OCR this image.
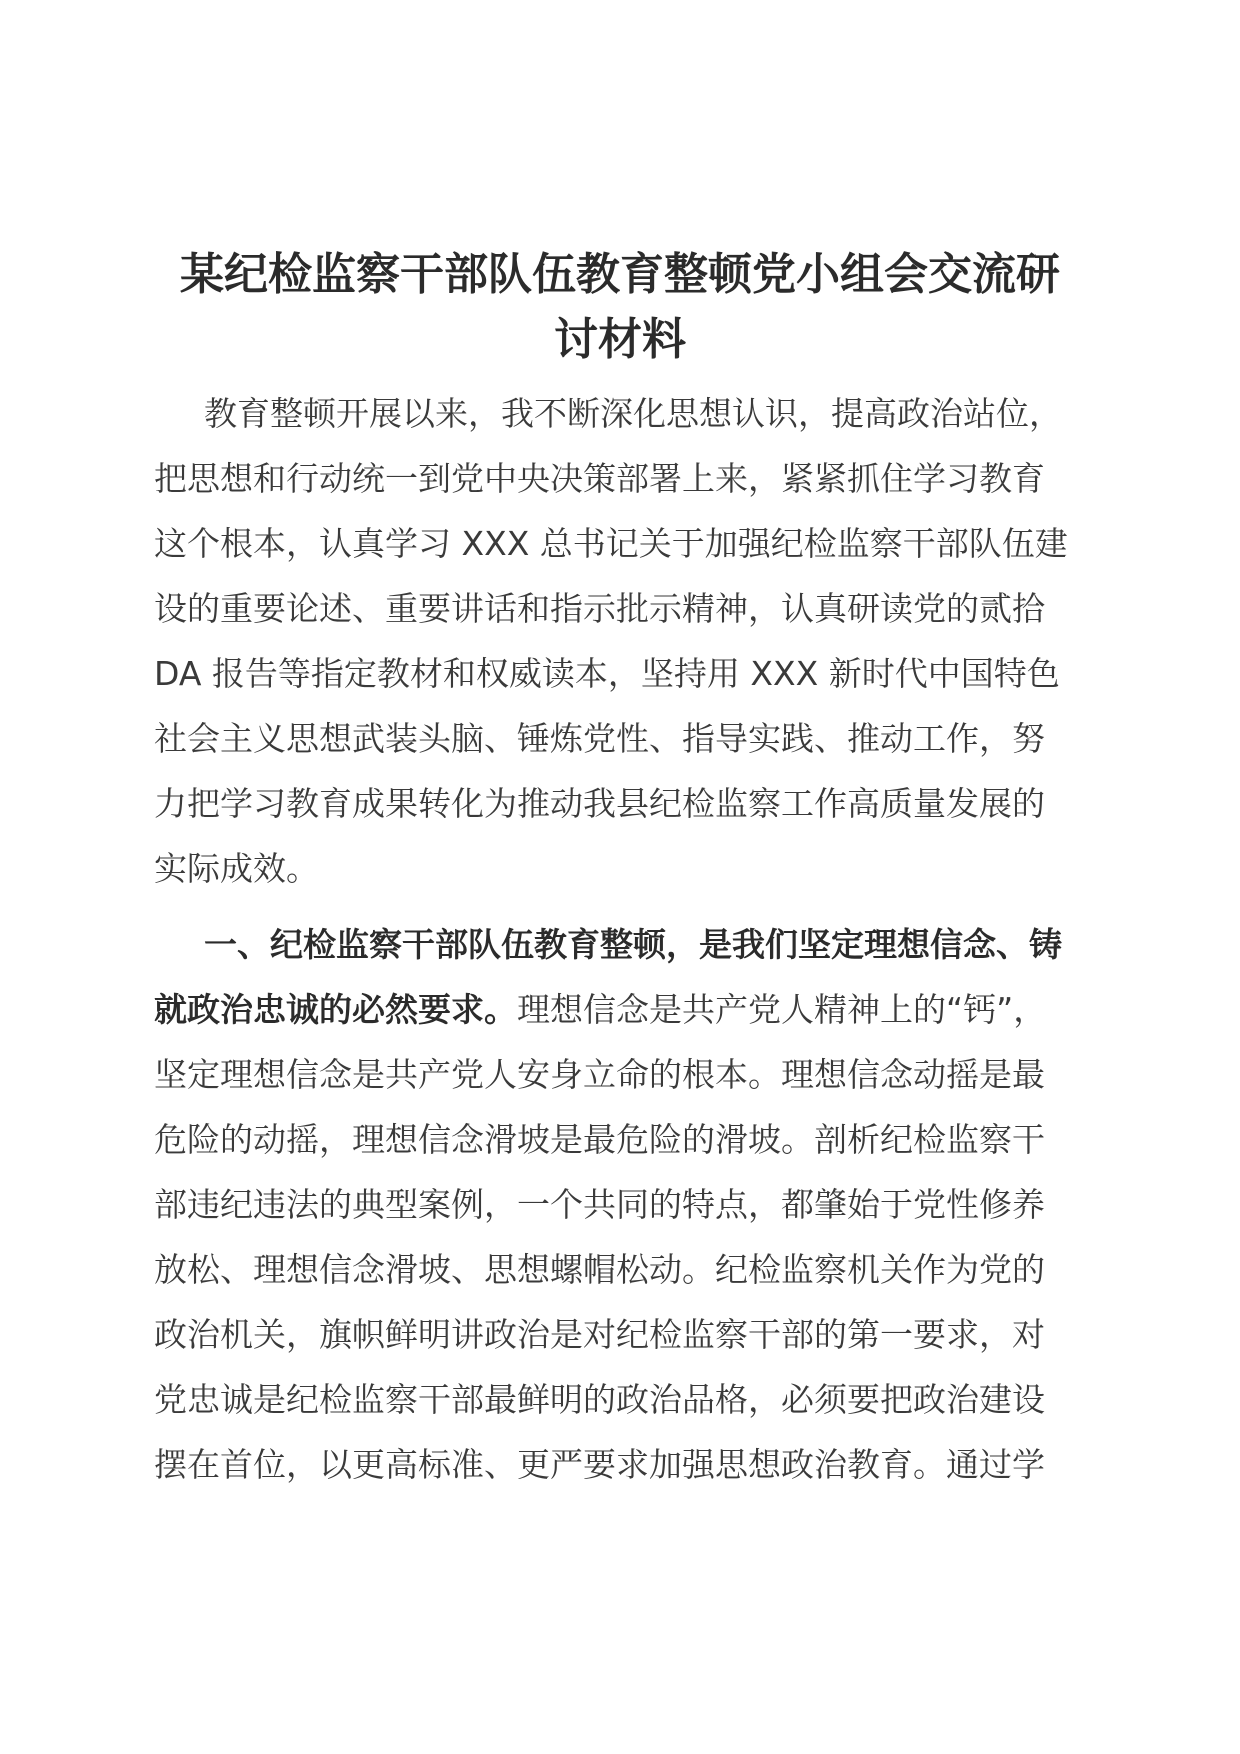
某纪检监察干部队伍教育整顿党小组会交流研
讨材料
教育整顿开展以来，我不断深化思想认识，提高政治站位，
把思想和行动统一到党中央决策部署上来，紧紧抓住学习教育
这个根本，认真学习 XXX 总书记关于加强纪检监察干部队伍建
设的重要论述、重要讲话和指示批示精神，认真研读党的贰拾
DA 报告等指定教材和权威读本，坚持用 XXX 新时代中国特色
社会主义思想武装头脑、锤炼党性、指导实践、推动工作，努
力把学习教育成果转化为推动我县纪检监察工作高质量发展的
实际成效。
一、纪检监察干部队伍教育整顿，是我们坚定理想信念、铸
就政治忠诚的必然要求。理想信念是共产党人精神上的“钙”，
坚定理想信念是共产党人安身立命的根本。理想信念动摇是最
危险的动摇，理想信念滑坡是最危险的滑坡。剖析纪检监察干
部违纪违法的典型案例，一个共同的特点，都肇始于党性修养
放松、理想信念滑坡、思想螺帽松动。纪检监察机关作为党的
政治机关，旗帜鲜明讲政治是对纪检监察干部的第一要求，对
党忠诚是纪检监察干部最鲜明的政治品格，必须要把政治建设
摆在首位，以更高标准、更严要求加强思想政治教育。通过学
